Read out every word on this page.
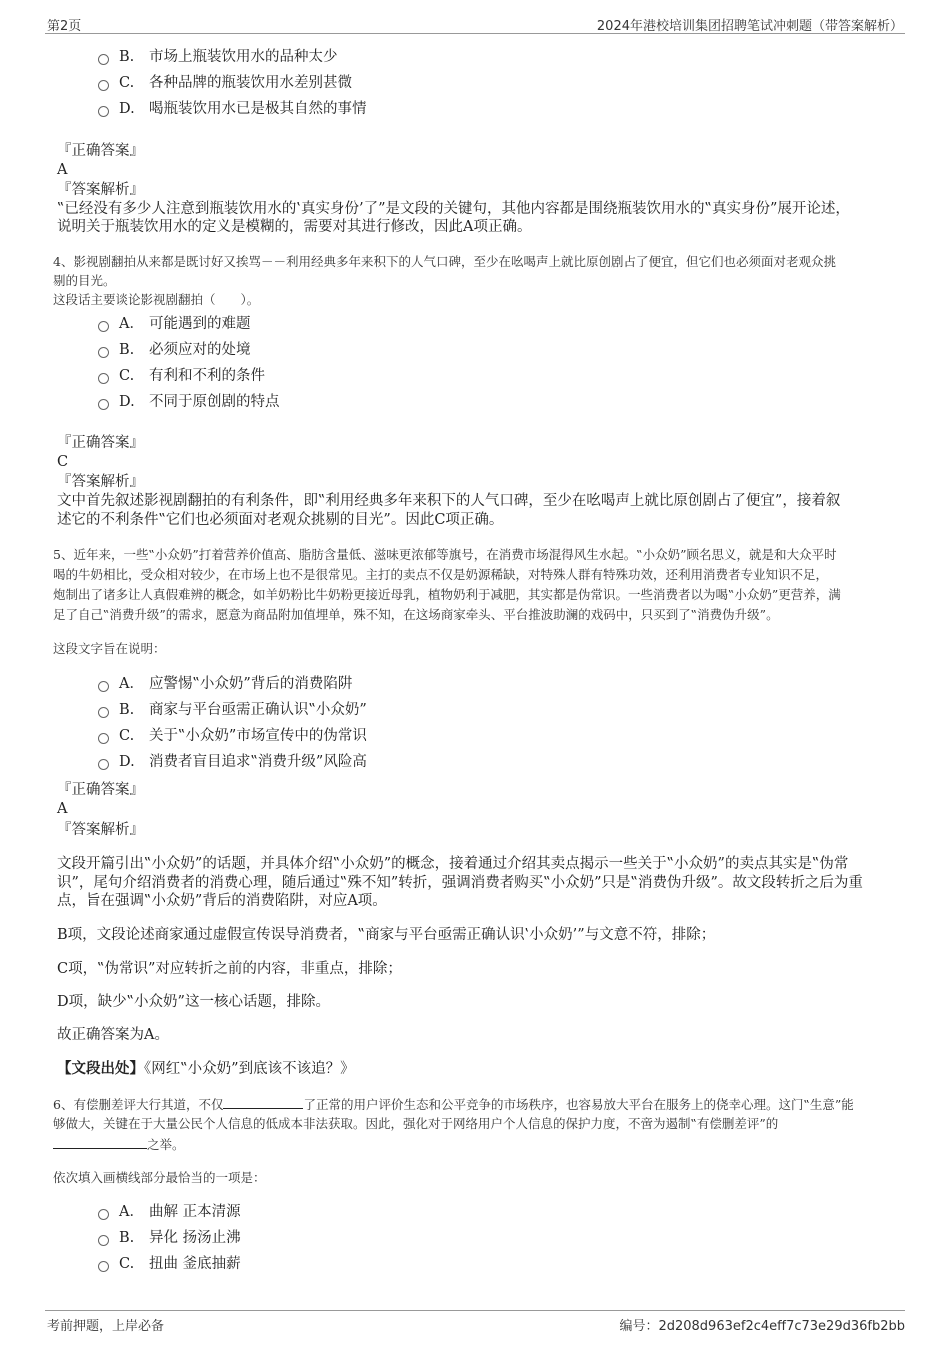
第2页	2024年港校培训集团招聘笔试冲刺题（带答案解析）
B. 市场上瓶装饮用水的品种太少
C. 各种品牌的瓶装饮用水差别甚微
D. 喝瓶装饮用水已是极其自然的事情
『正确答案』
A
『答案解析』
‟已经没有多少人注意到瓶装饮用水的‛真实身份’了”是文段的关键句，其他内容都是围绕瓶装饮用水的‟真实身份”展开论述，
说明关于瓶装饮用水的定义是模糊的，需要对其进行修改，因此A项正确。
4、影视剧翻拍从来都是既讨好又挨骂－－利用经典多年来积下的人气口碑，至少在吆喝声上就比原创剧占了便宜，但它们也必须面对老观众挑
剔的目光。
这段话主要谈论影视剧翻拍（　　）。
A． 可能遇到的难题
B. 必须应对的处境
C. 有利和不利的条件
D. 不同于原创剧的特点
『正确答案』
C
『答案解析』
文中首先叙述影视剧翻拍的有利条件，即‟利用经典多年来积下的人气口碑，至少在吆喝声上就比原创剧占了便宜”，接着叙
述它的不利条件‟它们也必须面对老观众挑剔的目光”。因此C项正确。
5、近年来，一些‟小众奶”打着营养价值高、脂肪含量低、滋味更浓郁等旗号，在消费市场混得风生水起。‟小众奶”顾名思义，就是和大众平时
喝的牛奶相比，受众相对较少，在市场上也不是很常见。主打的卖点不仅是奶源稀缺，对特殊人群有特殊功效，还利用消费者专业知识不足，
炮制出了诸多让人真假难辨的概念，如羊奶粉比牛奶粉更接近母乳，植物奶利于减肥，其实都是伪常识。一些消费者以为喝‟小众奶”更营养，满
足了自己‟消费升级”的需求，愿意为商品附加值埋单，殊不知，在这场商家牵头、平台推波助澜的戏码中，只买到了‟消费伪升级”。
这段文字旨在说明：
A． 应警惕‟小众奶”背后的消费陷阱
B. 商家与平台亟需正确认识‟小众奶”
C. 关于‟小众奶”市场宣传中的伪常识
D. 消费者盲目追求‟消费升级”风险高
『正确答案』
A
『答案解析』
文段开篇引出‟小众奶”的话题，并具体介绍‟小众奶”的概念，接着通过介绍其卖点揭示一些关于‟小众奶”的卖点其实是‟伪常
识”，尾句介绍消费者的消费心理，随后通过‟殊不知”转折，强调消费者购买‟小众奶”只是‟消费伪升级”。故文段转折之后为重
点，旨在强调‟小众奶”背后的消费陷阱，对应A项。
B项，文段论述商家通过虚假宣传误导消费者，‟商家与平台亟需正确认识‛小众奶’”与文意不符，排除；
C项，‟伪常识”对应转折之前的内容，非重点，排除；
D项，缺少‟小众奶”这一核心话题，排除。
故正确答案为A。
【文段出处】《网红‟小众奶”到底该不该追？》
6、有偿删差评大行其道，不仅	了正常的用户评价生态和公平竞争的市场秩序，也容易放大平台在服务上的侥幸心理。这门‟生意”能
够做大，关键在于大量公民个人信息的低成本非法获取。因此，强化对于网络用户个人信息的保护力度，不啻为遏制‟有偿删差评”的
之举。
依次填入画横线部分最恰当的一项是：
A． 曲解 正本清源
B. 异化 扬汤止沸
C. 扭曲 釜底抽薪
考前押题，上岸必备	编号：2d208d963ef2c4eff7c73e29d36fb2bb
